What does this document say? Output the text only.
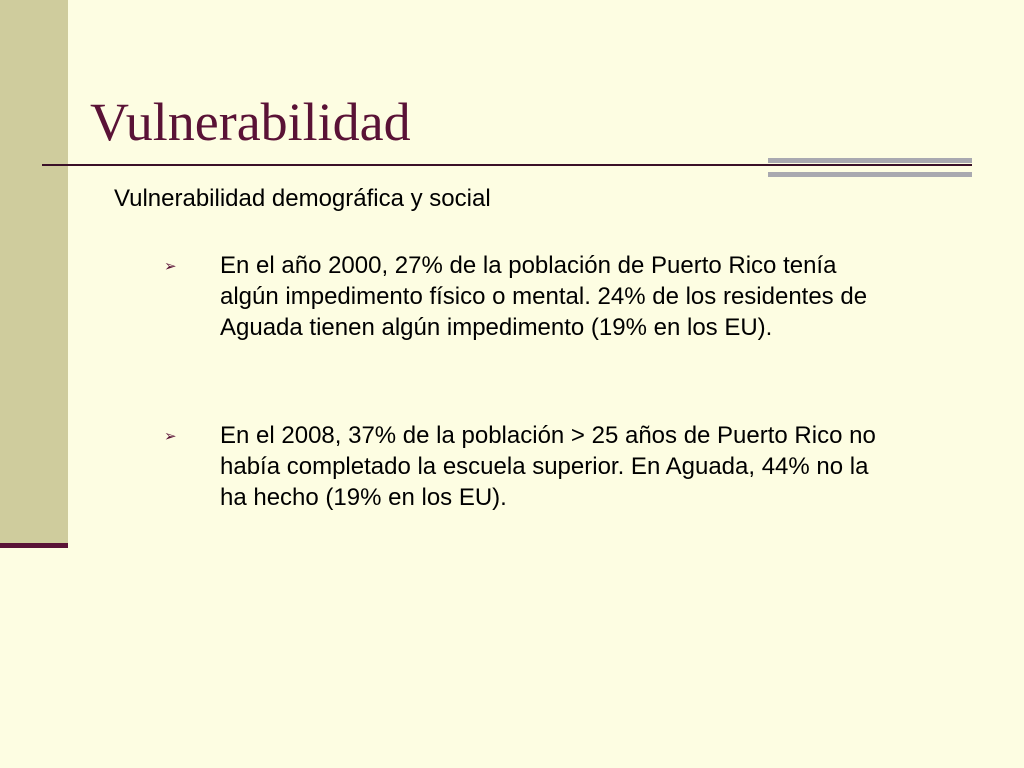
Vulnerabilidad
Vulnerabilidad demográfica y social
➢ En el año 2000, 27% de la población de Puerto Rico tenía algún impedimento físico o mental. 24% de los residentes de Aguada tienen algún impedimento (19% en los EU).
➢ En el 2008, 37% de la población > 25 años de Puerto Rico no había completado la escuela superior. En Aguada, 44% no la ha hecho (19% en los EU).
